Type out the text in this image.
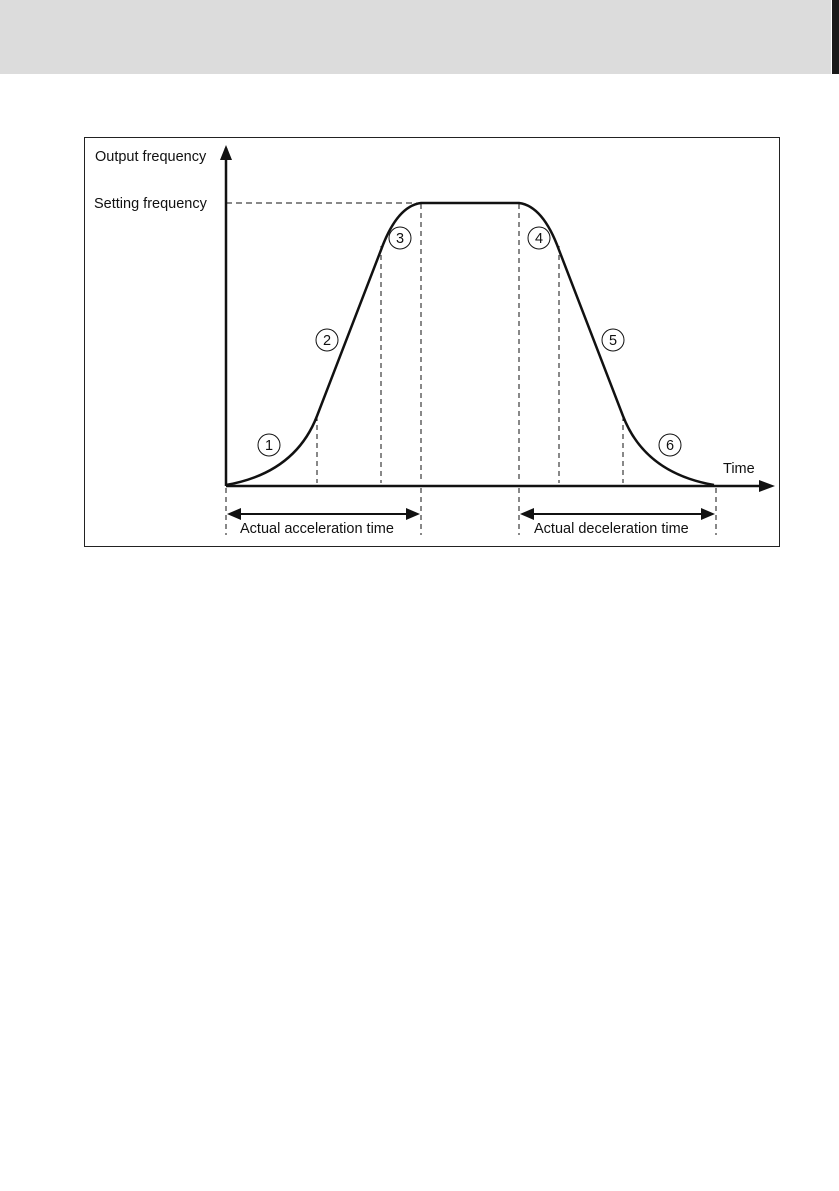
Output frequency
Setting frequency
Time
Actual acceleration time	Actual deceleration time
1
2
3	4
5
6
